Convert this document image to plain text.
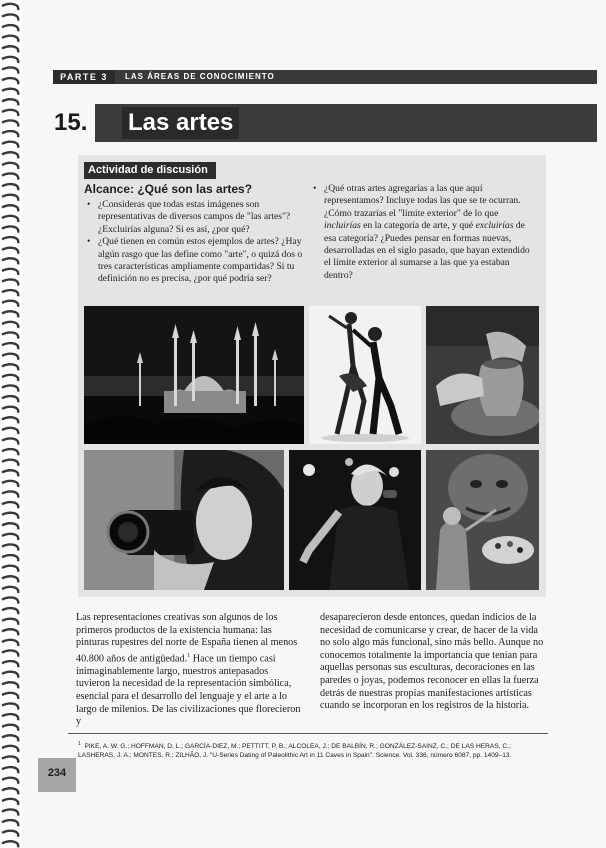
PARTE 3	LAS ÁREAS DE CONOCIMIENTO
15. Las artes
Actividad de discusión
Alcance: ¿Qué son las artes?
• ¿Consideras que todas estas imágenes son representativas de diversos campos de "las artes"? ¿Excluirías alguna? Si es así, ¿por qué?
• ¿Qué tienen en común estos ejemplos de artes? ¿Hay algún rasgo que las define como "arte", o quizá dos o tres características ampliamente compartidas? Si tu definición no es precisa, ¿por qué podría ser?
• ¿Qué otras artes agregarías a las que aquí representamos? Incluye todas las que se te ocurran. ¿Cómo trazarías el "límite exterior" de lo que incluirías en la categoría de arte, y qué excluirías de esa categoría? ¿Puedes pensar en formas nuevas, desarrolladas en el siglo pasado, que hayan extendido el límite exterior al sumarse a las que ya estaban dentro?

Las representaciones creativas son algunos de los primeros productos de la existencia humana: las pinturas rupestres del norte de España tienen al menos 40.800 años de antigüedad.$^1$ Hace un tiempo casi inimaginablemente largo, nuestros antepasados tuvieron la necesidad de la representación simbólica, esencial para el desarrollo del lenguaje y el arte a lo largo de milenios. De las civilizaciones que florecieron y

desaparecieron desde entonces, quedan indicios de la necesidad de comunicarse y crear, de hacer de la vida no solo algo más funcional, sino más bello. Aunque no conocemos totalmente la importancia que tenían para aquellas personas sus esculturas, decoraciones en las paredes o joyas, podemos reconocer en ellas la fuerza detrás de nuestras propias manifestaciones artísticas cuando se incorporan en los registros de la historia.

$^1$ PIKE, A. W. G.; HOFFMAN, D. L.; GARCÍA-DIEZ, M.; PETTITT, P. B.; ALCOLEA, J.; DE BALBÍN, R.; GONZÁLEZ-SAINZ, C.; DE LAS HERAS, C.; LASHERAS, J. A.; MONTES, R.; ZILHÃO, J. "U-Series Dating of Paleolithic Art in 11 Caves in Spain". Science. Vol. 336, número 6087, pp. 1409–13.
234
